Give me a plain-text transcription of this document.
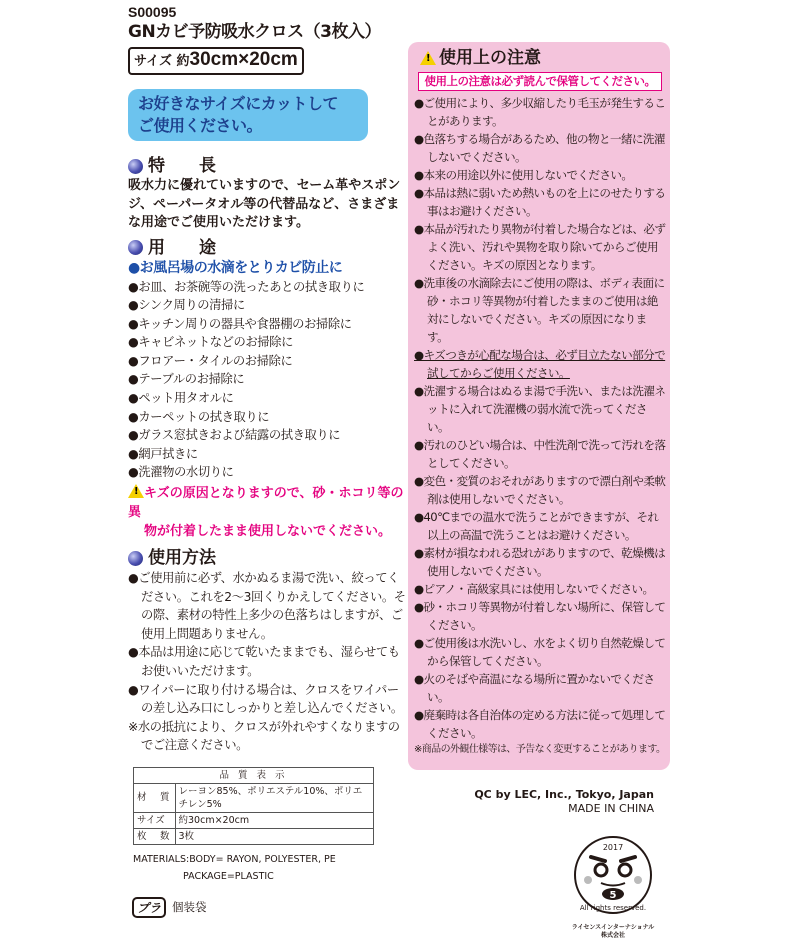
S00095
GNカビ予防吸水クロス（3枚入）
サイズ 約30cm×20cm
お好きなサイズにカットして
ご使用ください。
特　　長
吸水力に優れていますので、セーム革やスポンジ、ペーパータオル等の代替品など、さまざまな用途でご使用いただけます。
用　　途
●お風呂場の水滴をとりカビ防止に
●お皿、お茶碗等の洗ったあとの拭き取りに
●シンク周りの清掃に
●キッチン周りの器具や食器棚のお掃除に
●キャビネットなどのお掃除に
●フロアー・タイルのお掃除に
●テーブルのお掃除に
●ペット用タオルに
●カーペットの拭き取りに
●ガラス窓拭きおよび結露の拭き取りに
●網戸拭きに
●洗濯物の水切りに
!キズの原因となりますので、砂・ホコリ等の異
物が付着したまま使用しないでください。
使用方法
●ご使用前に必ず、水かぬるま湯で洗い、絞ってください。これを2〜3回くりかえしてください。その際、素材の特性上多少の色落ちはしますが、ご使用上問題ありません。
●本品は用途に応じて乾いたままでも、湿らせてもお使いいただけます。
●ワイパーに取り付ける場合は、クロスをワイパーの差し込み口にしっかりと差し込んでください。
※水の抵抗により、クロスが外れやすくなりますのでご注意ください。
品 質 表 示	
材　質	レーヨン85%、ポリエステル10%、ポリエチレン5%
サイズ	約30cm×20cm
枚　数	3枚
MATERIALS:BODY= RAYON, POLYESTER, PE
PACKAGE=PLASTIC
プラ 個装袋
!
使用上の注意
使用上の注意は必ず読んで保管してください。
●ご使用により、多少収縮したり毛玉が発生することがあります。
●色落ちする場合があるため、他の物と一緒に洗濯しないでください。
●本来の用途以外に使用しないでください。
●本品は熱に弱いため熱いものを上にのせたりする事はお避けください。
●本品が汚れたり異物が付着した場合などは、必ずよく洗い、汚れや異物を取り除いてからご使用ください。キズの原因となります。
●洗車後の水滴除去にご使用の際は、ボディ表面に砂・ホコリ等異物が付着したままのご使用は絶対にしないでください。キズの原因になります。
●キズつきが心配な場合は、必ず目立たない部分で試してからご使用ください。
●洗濯する場合はぬるま湯で手洗い、または洗濯ネットに入れて洗濯機の弱水流で洗ってください。
●汚れのひどい場合は、中性洗剤で洗って汚れを落としてください。
●変色・変質のおそれがありますので漂白剤や柔軟剤は使用しないでください。
●40℃までの温水で洗うことができますが、それ以上の高温で洗うことはお避けください。
●素材が損なわれる恐れがありますので、乾燥機は使用しないでください。
●ピアノ・高級家具には使用しないでください。
●砂・ホコリ等異物が付着しない場所に、保管してください。
●ご使用後は水洗いし、水をよく切り自然乾燥してから保管してください。
●火のそばや高温になる場所に置かないでください。
●廃棄時は各自治体の定める方法に従って処理してください。
※商品の外観仕様等は、予告なく変更することがあります。
QC by LEC, Inc., Tokyo, Japan
MADE IN CHINA
2017
5
All rights reserved.
ライセンスインターナショナル
株式会社
